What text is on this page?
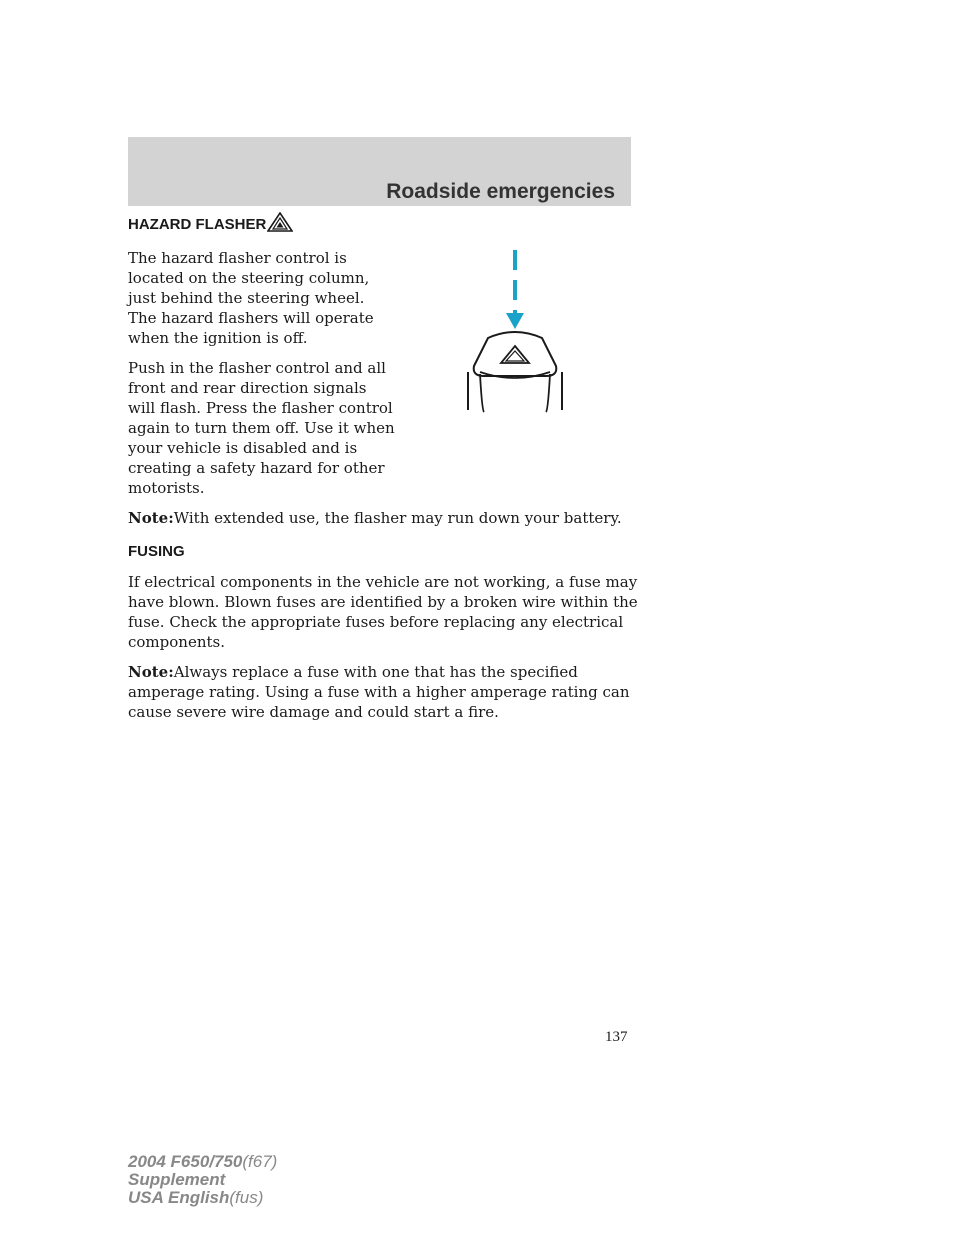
Roadside emergencies
HAZARD FLASHER

The hazard flasher control is located on the steering column, just behind the steering wheel. The hazard flashers will operate when the ignition is off.

Push in the flasher control and all front and rear direction signals will flash. Press the flasher control again to turn them off. Use it when your vehicle is disabled and is creating a safety hazard for other motorists.

Note:With extended use, the flasher may run down your battery.

FUSING

If electrical components in the vehicle are not working, a fuse may have blown. Blown fuses are identified by a broken wire within the fuse. Check the appropriate fuses before replacing any electrical components.

Note:Always replace a fuse with one that has the specified amperage rating. Using a fuse with a higher amperage rating can cause severe wire damage and could start a fire.

137
2004 F650/750(f67)
Supplement
USA English(fus)
